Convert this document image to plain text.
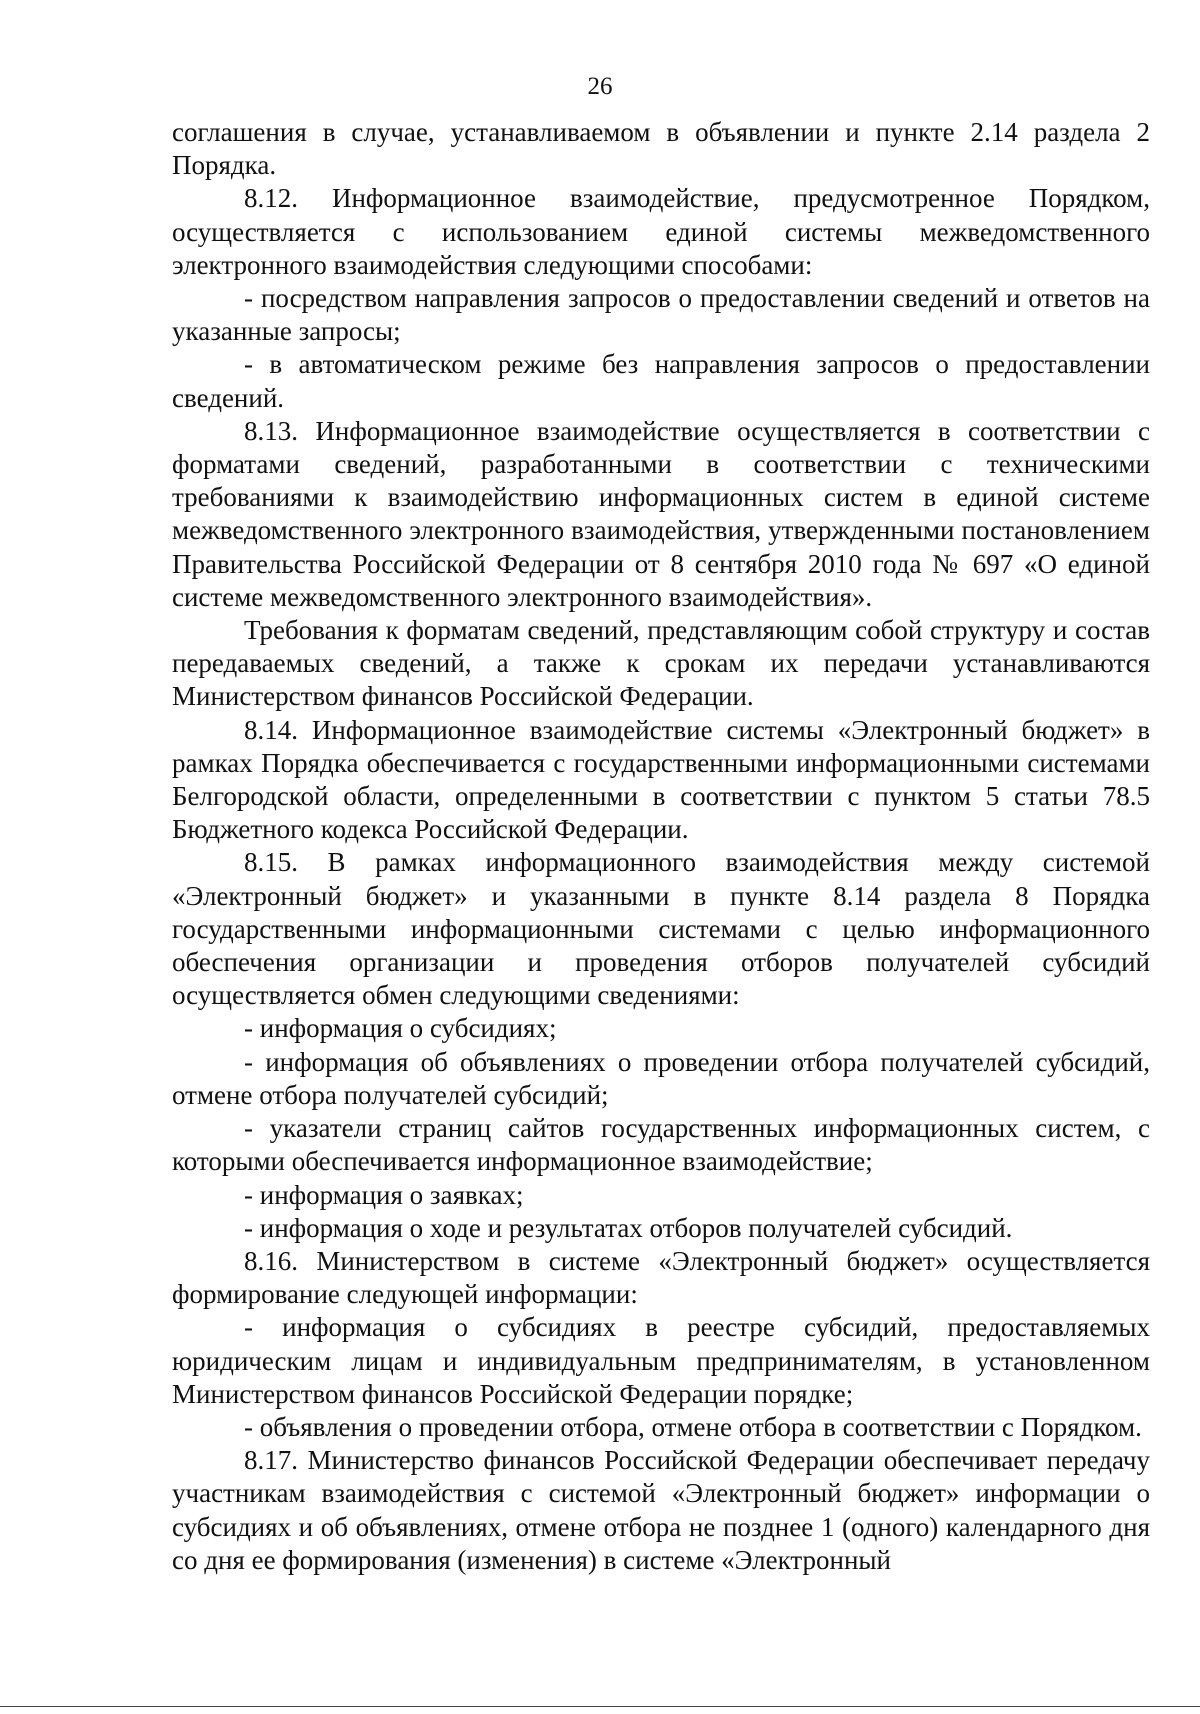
26

соглашения в случае, устанавливаемом в объявлении и пункте 2.14 раздела 2 Порядка.

8.12. Информационное взаимодействие, предусмотренное Порядком, осуществляется с использованием единой системы межведомственного электронного взаимодействия следующими способами:

- посредством направления запросов о предоставлении сведений и ответов на указанные запросы;

- в автоматическом режиме без направления запросов о предоставлении сведений.

8.13. Информационное взаимодействие осуществляется в соответствии с форматами сведений, разработанными в соответствии с техническими требованиями к взаимодействию информационных систем в единой системе межведомственного электронного взаимодействия, утвержденными постановлением Правительства Российской Федерации от 8 сентября 2010 года № 697 «О единой системе межведомственного электронного взаимодействия».

Требования к форматам сведений, представляющим собой структуру и состав передаваемых сведений, а также к срокам их передачи устанавливаются Министерством финансов Российской Федерации.

8.14. Информационное взаимодействие системы «Электронный бюджет» в рамках Порядка обеспечивается с государственными информационными системами Белгородской области, определенными в соответствии с пунктом 5 статьи 78.5 Бюджетного кодекса Российской Федерации.

8.15. В рамках информационного взаимодействия между системой «Электронный бюджет» и указанными в пункте 8.14 раздела 8 Порядка государственными информационными системами с целью информационного обеспечения организации и проведения отборов получателей субсидий осуществляется обмен следующими сведениями:

- информация о субсидиях;

- информация об объявлениях о проведении отбора получателей субсидий, отмене отбора получателей субсидий;

- указатели страниц сайтов государственных информационных систем, с которыми обеспечивается информационное взаимодействие;

- информация о заявках;

- информация о ходе и результатах отборов получателей субсидий.

8.16. Министерством в системе «Электронный бюджет» осуществляется формирование следующей информации:

- информация о субсидиях в реестре субсидий, предоставляемых юридическим лицам и индивидуальным предпринимателям, в установленном Министерством финансов Российской Федерации порядке;

- объявления о проведении отбора, отмене отбора в соответствии с Порядком.

8.17. Министерство финансов Российской Федерации обеспечивает передачу участникам взаимодействия с системой «Электронный бюджет» информации о субсидиях и об объявлениях, отмене отбора не позднее 1 (одного) календарного дня со дня ее формирования (изменения) в системе «Электронный
